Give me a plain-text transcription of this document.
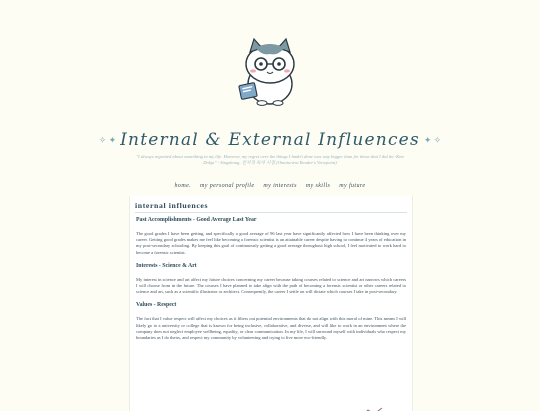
✧ ✦ Internal & External Influences ✦ ✧
"I always regretted about something in my life. However, my regret over the things I hadn't done was way bigger than for those that I did do.-Kim Dokja" - Singshong, 전지적 독자 시점 (Omniscient Reader's Viewpoint)
home. my personal profile my interests my skills my future
internal influences
Past Accomplishments - Good Average Last Year
The good grades I have been getting, and specifically a good average of 96 last year have significantly affected how I have been thinking over my career. Getting good grades makes me feel like becoming a forensic scientist is an attainable career despite having to continue 4 years of education in my post-secondary schooling. By keeping this goal of continuously getting a good average throughout high school, I feel motivated to work hard to become a forensic scientist.
Interests - Science & Art
My interest in science and art affect my future choices concerning my career because taking courses related to science and art narrows which careers I will choose from in the future. The courses I have planned to take align with the path of becoming a forensic scientist or other careers related to science and art, such as a scientific illustrator or architect. Consequently, the career I settle on will dictate which courses I take in post-secondary.
Values - Respect
The fact that I value respect will affect my choices as it filters out potential environments that do not align with this moral of mine. This means I will likely go to a university or college that is known for being inclusive, collaborative, and diverse, and will like to work in an environment where the company does not neglect employee wellbeing, equality, or clear communication. In my life, I will surround myself with individuals who respect my boundaries as I do theirs, and respect my community by volunteering and trying to live more eco-friendly.
